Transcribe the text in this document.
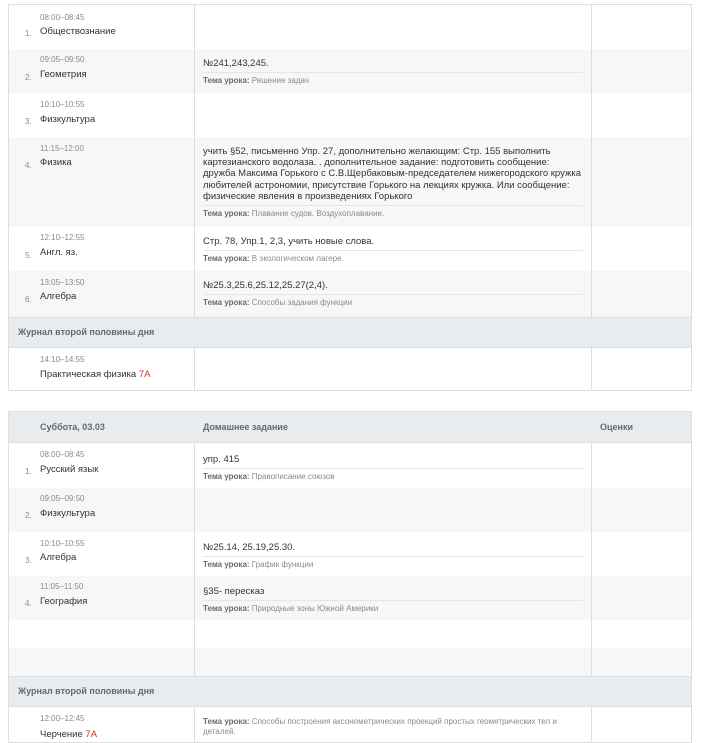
08:00–08:45
1. Обществознание
09:05–09:50
2. Геометрия
№241,243,245.
Тема урока: Решение задач
10:10–10:55
3. Физкультура
11:15–12:00
4. Физика
учить §52, письменно Упр. 27, дополнительно желающим: Стр. 155 выполнить картезианского водолаза. . дополнительное задание: подготовить сообщение: дружба Максима Горького с С.В.Щербаковым-председателем нижегородского кружка любителей астрономии, присутствие Горького на лекциях кружка. Или сообщение: физические явления в произведениях Горького
Тема урока: Плавание судов. Воздухоплавание.
12:10–12:55
5. Англ. яз.
Стр. 78, Упр.1, 2,3, учить новые слова.
Тема урока: В экологическом лагере.
13:05–13:50
6. Алгебра
№25.3,25.6,25.12,25.27(2,4).
Тема урока: Способы задания функции
Журнал второй половины дня
14:10–14:55
Практическая физика 7А
Суббота, 03.03	Домашнее задание	Оценки
08:00–08:45
1. Русский язык
упр. 415
Тема урока: Правописание союзов
09:05–09:50
2. Физкультура
10:10–10:55
3. Алгебра
№25.14, 25.19,25.30.
Тема урока: График функции
11:05–11:50
4. География
§35- пересказ
Тема урока: Природные зоны Южной Америки
Журнал второй половины дня
12:00–12:45
Черчение 7А
Тема урока: Способы построения аксонометрических проекций простых геометрических тел и деталей.
